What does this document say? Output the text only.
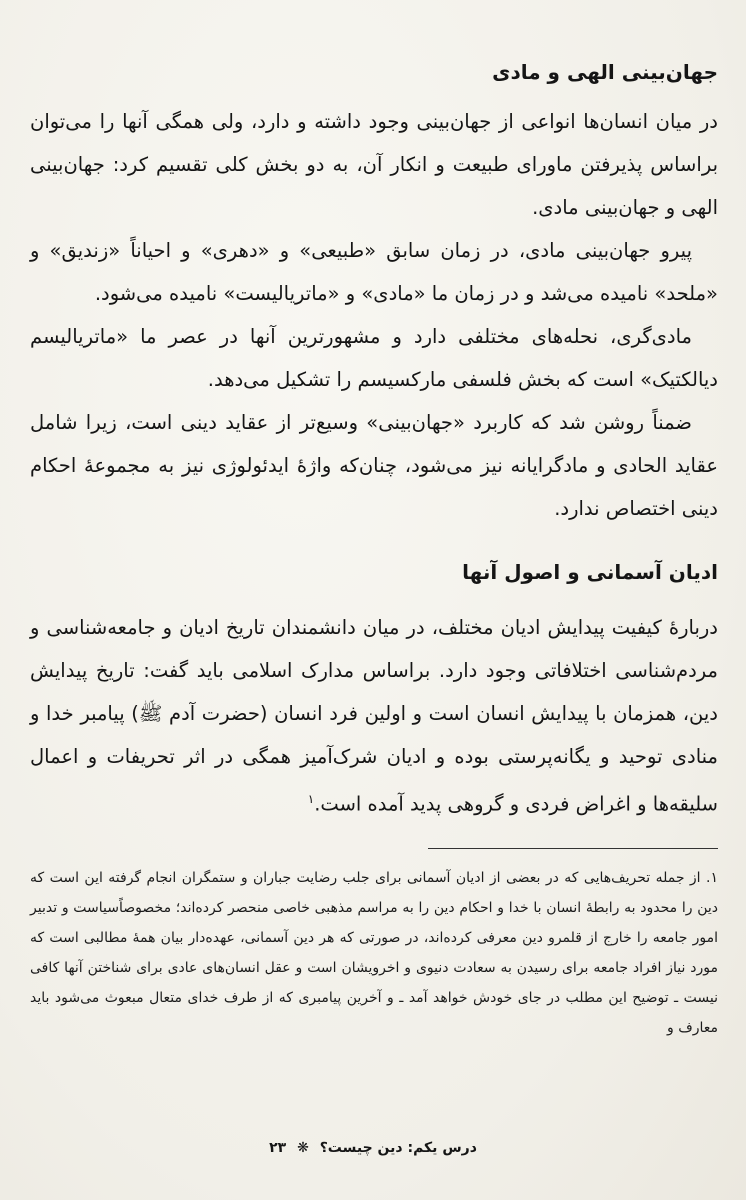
جهان‌بینی الهی و مادی

در میان انسان‌ها انواعی از جهان‌بینی وجود داشته و دارد، ولی همگی آنها را می‌توان براساس پذیرفتن ماورای طبیعت و انکار آن، به دو بخش کلی تقسیم کرد: جهان‌بینی الهی و جهان‌بینی مادی.

پیرو جهان‌بینی مادی، در زمان سابق «طبیعی» و «دهری» و احیاناً «زندیق» و «ملحد» نامیده می‌شد و در زمان ما «مادی» و «ماتریالیست» نامیده می‌شود.

مادی‌گری، نحله‌های مختلفی دارد و مشهورترین آنها در عصر ما «ماتریالیسم دیالکتیک» است که بخش فلسفی مارکسیسم را تشکیل می‌دهد.

ضمناً روشن شد که کاربرد «جهان‌بینی» وسیع‌تر از عقاید دینی است، زیرا شامل عقاید الحادی و مادگرایانه نیز می‌شود، چنان‌که واژهٔ ایدئولوژی نیز به مجموعهٔ احکام دینی اختصاص ندارد.

ادیان آسمانی و اصول آنها

دربارهٔ کیفیت پیدایش ادیان مختلف، در میان دانشمندان تاریخ ادیان و جامعه‌شناسی و مردم‌شناسی اختلافاتی وجود دارد. براساس مدارک اسلامی باید گفت: تاریخ پیدایش دین، همزمان با پیدایش انسان است و اولین فرد انسان (حضرت آدم ﷺ) پیامبر خدا و منادی توحید و یگانه‌پرستی بوده و ادیان شرک‌آمیز همگی در اثر تحریفات و اعمال سلیقه‌ها و اغراض فردی و گروهی پدید آمده است.$^۱$

۱. از جمله تحریف‌هایی که در بعضی از ادیان آسمانی برای جلب رضایت جباران و ستمگران انجام گرفته این است که دین را محدود به رابطهٔ انسان با خدا و احکام دین را به مراسم مذهبی خاصی منحصر کرده‌اند؛ مخصوصاً‌سیاست و تدبیر امور جامعه را خارج از قلمرو دین معرفی کرده‌اند، در صورتی که هر دین آسمانی، عهده‌دار بیان همهٔ مطالبی است که مورد نیاز افراد جامعه برای رسیدن به سعادت دنیوی و اخرویشان است و عقل انسان‌های عادی برای شناختن آنها کافی نیست ـ توضیح این مطلب در جای خودش خواهد آمد ـ و آخرین پیامبری که از طرف خدای متعال مبعوث می‌شود باید معارف و
درس یکم: دین چیست؟ ❋ ۲۳
